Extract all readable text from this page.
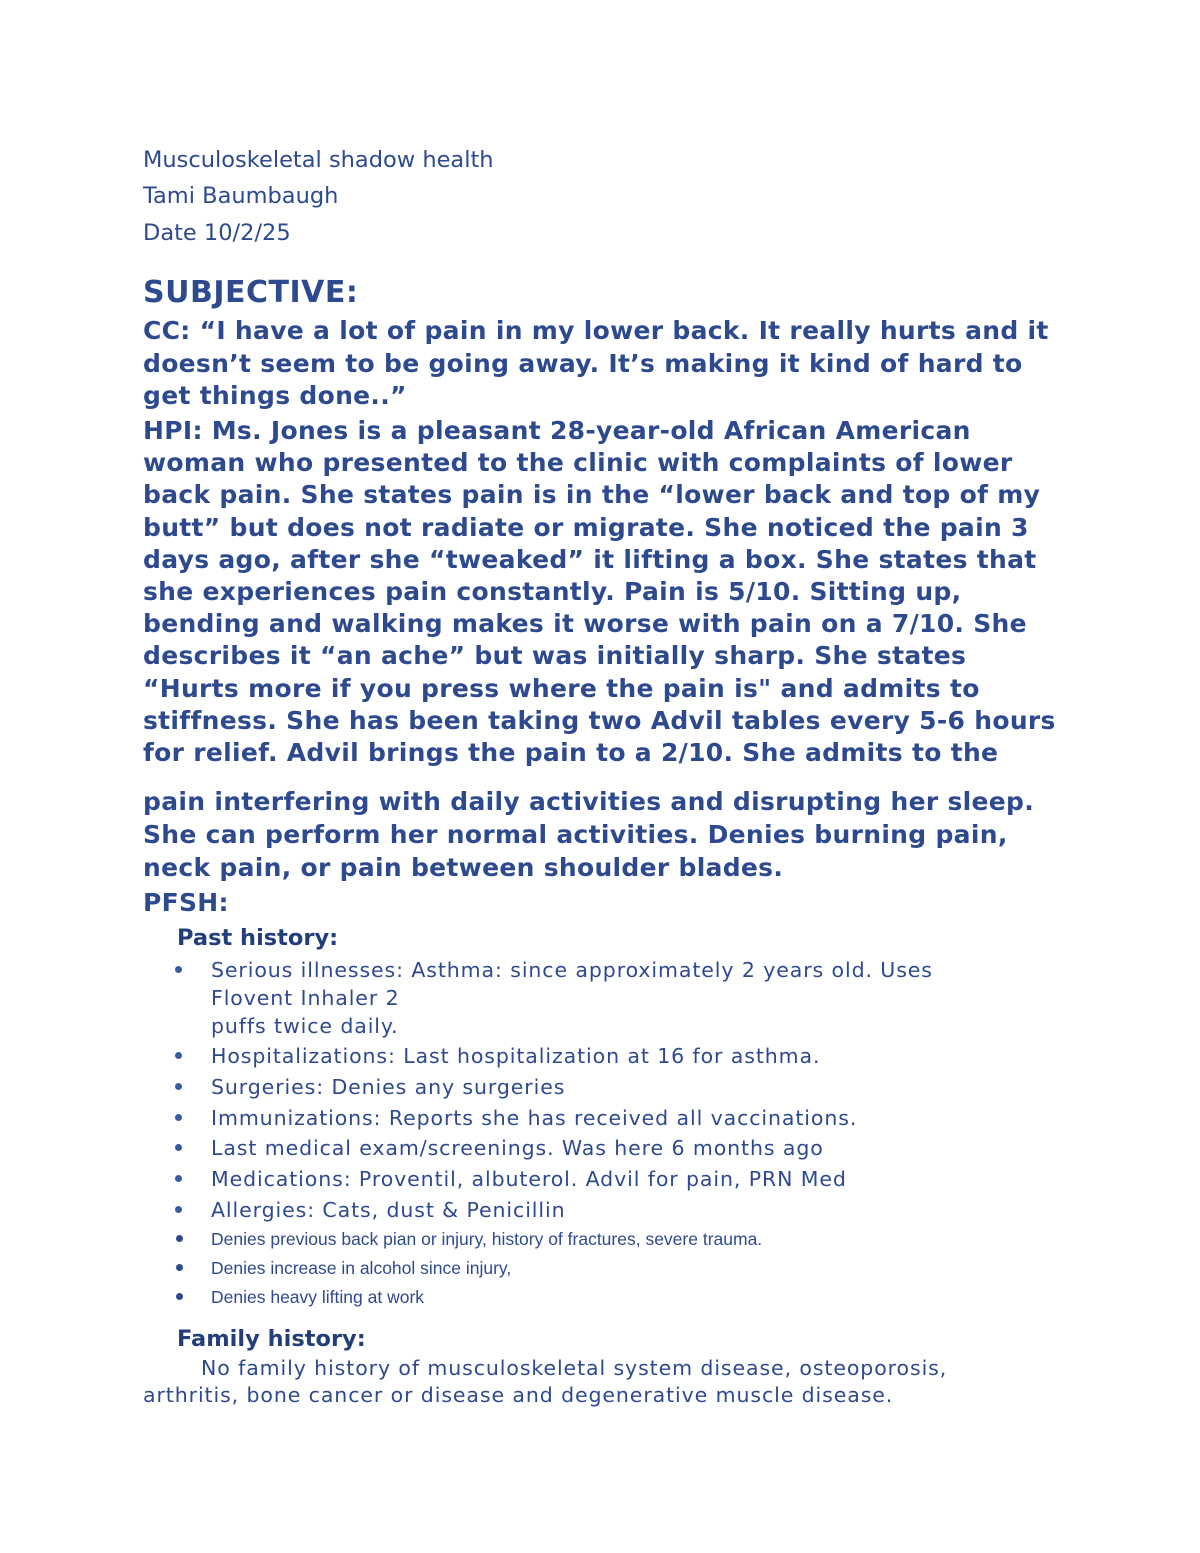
Musculoskeletal shadow health
Tami Baumbaugh
Date 10/2/25
SUBJECTIVE:

CC: “I have a lot of pain in my lower back. It really hurts and it
doesn’t seem to be going away. It’s making it kind of hard to
get things done..”

HPI: Ms. Jones is a pleasant 28-year-old African American
woman who presented to the clinic with complaints of lower
back pain. She states pain is in the “lower back and top of my
butt” but does not radiate or migrate. She noticed the pain 3
days ago, after she “tweaked” it lifting a box. She states that
she experiences pain constantly. Pain is 5/10. Sitting up,
bending and walking makes it worse with pain on a 7/10. She
describes it “an ache” but was initially sharp. She states
“Hurts more if you press where the pain is" and admits to
stiffness. She has been taking two Advil tables every 5-6 hours
for relief. Advil brings the pain to a 2/10. She admits to the

pain interfering with daily activities and disrupting her sleep.
She can perform her normal activities. Denies burning pain,
neck pain, or pain between shoulder blades.

PFSH:
Past history:
Serious illnesses: Asthma: since approximately 2 years old. Uses
Flovent Inhaler 2
puffs twice daily.
Hospitalizations: Last hospitalization at 16 for asthma.
Surgeries: Denies any surgeries
Immunizations: Reports she has received all vaccinations.
Last medical exam/screenings. Was here 6 months ago
Medications: Proventil, albuterol. Advil for pain, PRN Med
Allergies: Cats, dust & Penicillin
Denies previous back pian or injury, history of fractures, severe trauma.
Denies increase in alcohol since injury,
Denies heavy lifting at work
Family history:

No family history of musculoskeletal system disease, osteoporosis,
arthritis, bone cancer or disease and degenerative muscle disease.
